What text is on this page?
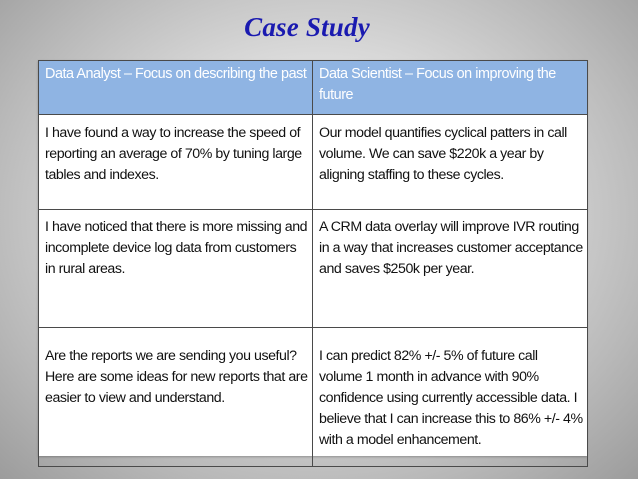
Case Study
Data Analyst – Focus on describing the past	Data Scientist – Focus on improving the future
I have found a way to increase the speed of reporting an average of 70% by tuning large tables and indexes.	Our model quantifies cyclical patters in call volume. We can save $220k a year by aligning staffing to these cycles.
I have noticed that there is more missing and incomplete device log data from customers in rural areas.	A CRM data overlay will improve IVR routing in a way that increases customer acceptance and saves $250k per year.
Are the reports we are sending you useful? Here are some ideas for new reports that are easier to view and understand.	I can predict 82% +/- 5% of future call volume 1 month in advance with 90% confidence using currently accessible data. I believe that I can increase this to 86% +/- 4% with a model enhancement.
